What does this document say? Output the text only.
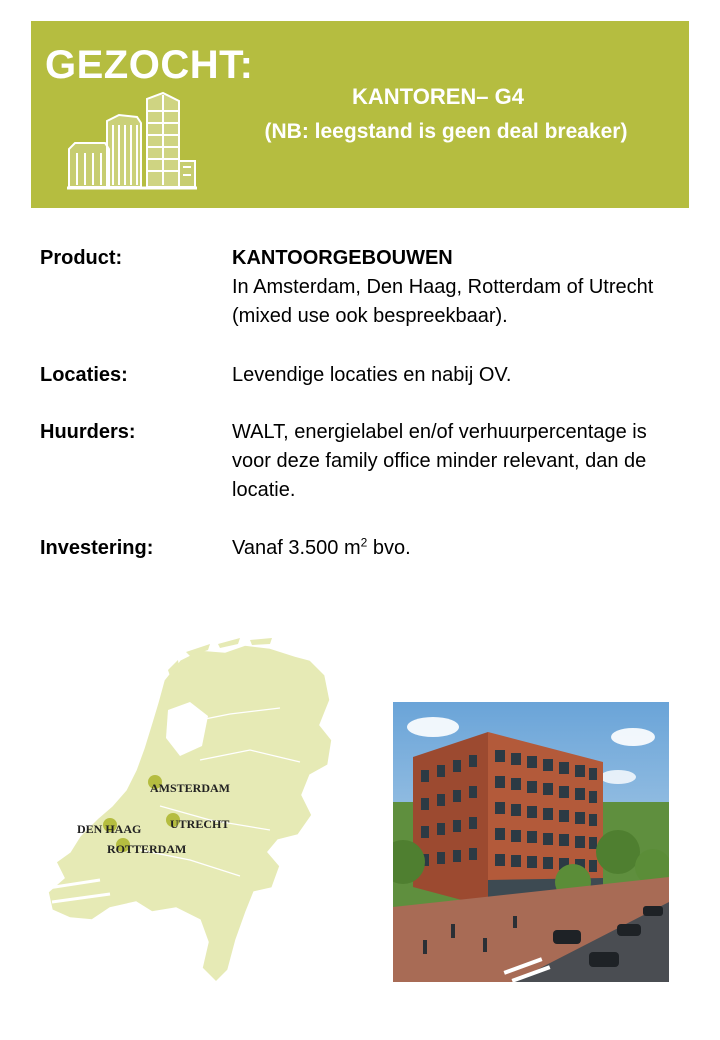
GEZOCHT:
KANTOREN– G4
(NB: leegstand is geen deal breaker)
Product:	KANTOORGEBOUWEN
In Amsterdam, Den Haag, Rotterdam of Utrecht (mixed use ook bespreekbaar).
Locaties:	Levendige locaties en nabij OV.
Huurders:	WALT, energielabel en/of verhuurpercentage is voor deze family office minder relevant, dan de locatie.
Investering:	Vanaf 3.500 $m^2$ bvo.
AMSTERDAM
UTRECHT
DEN HAAG
ROTTERDAM
